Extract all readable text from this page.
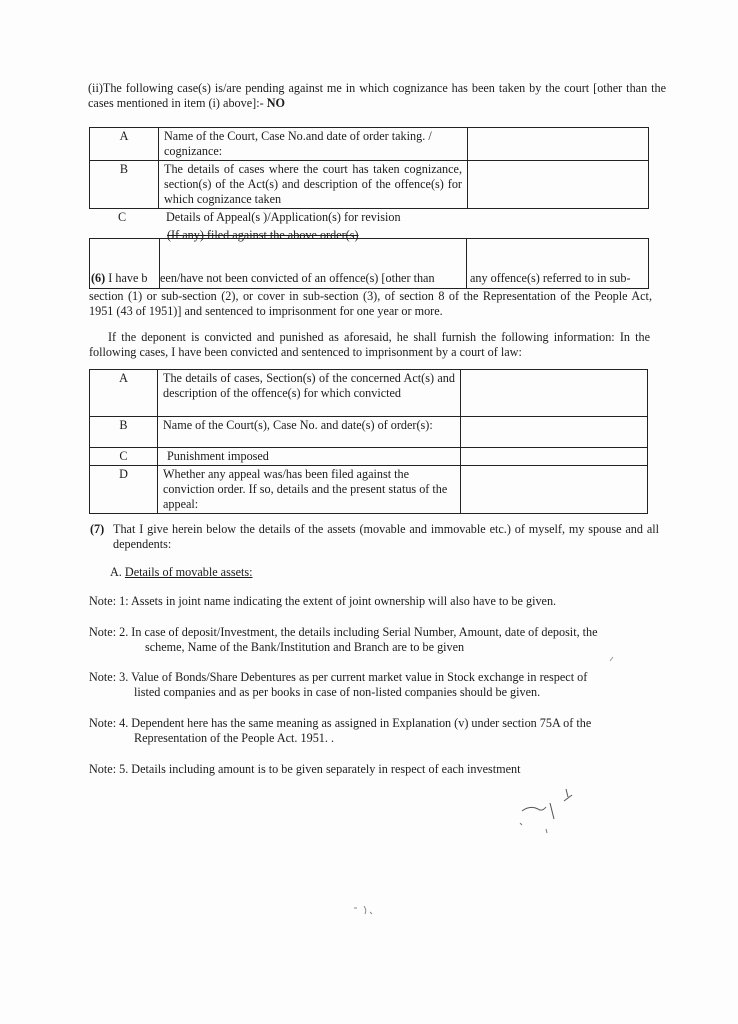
(ii)The following case(s) is/are pending against me in which cognizance has been taken by the court [other than the cases mentioned in item (i) above]:- NO
A	Name of the Court, Case No.and date of order taking. / cognizance:	
B	The details of cases where the court has taken cognizance, section(s) of the Act(s) and description of the offence(s) for which cognizance taken	
C	Details of Appeal(s )/Application(s) for revision
(If any) filed against the above order(s)
(6) I have b een/have not been convicted of an offence(s) [other than	any offence(s) referred to in sub-
section (1) or sub-section (2), or cover in sub-section (3), of section 8 of the Representation of the People Act, 1951 (43 of 1951)] and sentenced to imprisonment for one year or more.
If the deponent is convicted and punished as aforesaid, he shall furnish the following information: In the following cases, I have been convicted and sentenced to imprisonment by a court of law:
A	The details of cases, Section(s) of the concerned Act(s) and description of the offence(s) for which convicted	
B	Name of the Court(s), Case No. and date(s) of order(s):	
C	Punishment imposed	
D	Whether any appeal was/has been filed against the conviction order. If so, details and the present status of the appeal:	
(7) That I give herein below the details of the assets (movable and immovable etc.) of myself, my spouse and all dependents:
A. Details of movable assets:
Note: 1: Assets in joint name indicating the extent of joint ownership will also have to be given.
Note: 2. In case of deposit/Investment, the details including Serial Number, Amount, date of deposit, the
scheme, Name of the Bank/Institution and Branch are to be given
Note: 3. Value of Bonds/Share Debentures as per current market value in Stock exchange in respect of
listed companies and as per books in case of non-listed companies should be given.
Note: 4. Dependent here has the same meaning as assigned in Explanation (v) under section 75A of the
Representation of the People Act. 1951. .
Note: 5. Details including amount is to be given separately in respect of each investment
